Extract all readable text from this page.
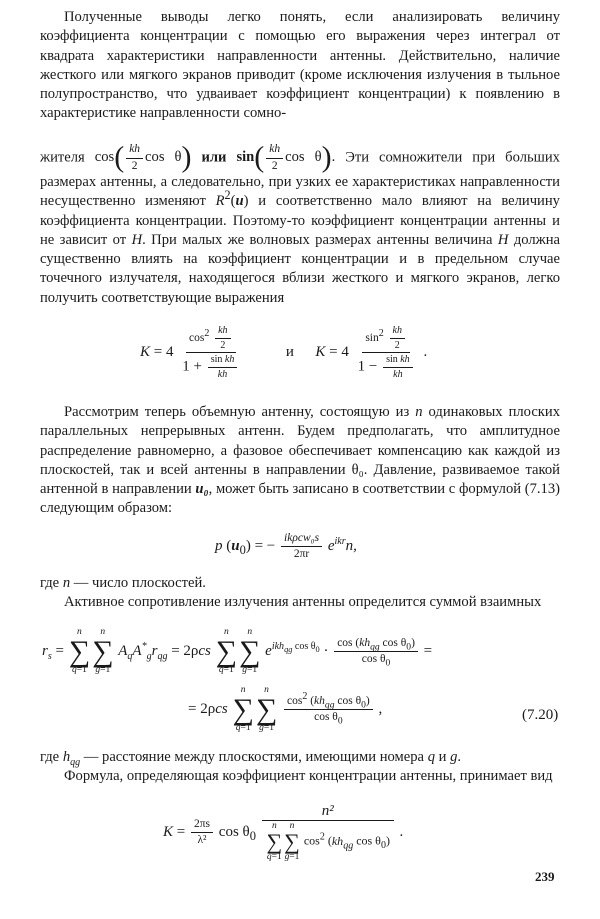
Полученные выводы легко понять, если анализировать величину коэффициента концентрации с помощью его выражения через интеграл от квадрата характеристики направленности антенны. Действительно, наличие жесткого или мягкого экранов приводит (кроме исключения излучения в тыльное полупространство, что удваивает коэффициент концентрации) к появлению в характеристике направленности сомно-

жителя $\cos( \frac{kh}{2}$ cos θ) или $\sin( \frac{kh}{2}$ cos θ). Эти сомножители при больших размерах антенны, а следовательно, при узких ее характеристиках направленности несущественно изменяют $R^2(u)$ и соответственно мало влияют на величину коэффициента концентрации. Поэтому-то коэффициент концентрации антенны и не зависит от H. При малых же волновых размерах антенны величина H должна существенно влиять на коэффициент концентрации и в предельном случае точечного излучателя, находящегося вблизи жесткого и мягкого экранов, легко получить соответствующие выражения

$K = 4 \frac{\cos^2 \frac{kh}{2}}{1 + \frac{\text{sin kh}}{kh}}$	и $K = 4 \frac{\sin^2 \frac{kh}{2}}{1 - \frac{\text{sin kh}}{kh}}$ .

Рассмотрим теперь объемную антенну, состоящую из n одинаковых плоских параллельных непрерывных антенн. Будем предполагать, что амплитудное распределение равномерно, а фазовое обеспечивает компенсацию как каждой из плоскостей, так и всей антенны в направлении θ₀. Давление, развиваемое такой антенной в направлении u₀, может быть записано в соответствии с формулой (7.13) следующим образом:

p $(u_0)$ = − $\frac{\text{ikρcw₀s}}{2\pi r} e^{ikr}n$,

где n — число плоскостей.

Активное сопротивление излучения антенны определится суммой взаимных

$r_s$ =
n
∑
q=1
n
∑
g=1
$A_qA^*_gr_{qg} = 2\rho cs$
n
∑
q=1
n
∑
g=1
$e^{ikh_{qg} cos \theta_0} \cdot \frac{\cos (kh_{qg} \cos \theta_0)}{\cos \theta_0}$ =
= 2ρcs
n
∑
q=1
n
∑
g=1

$\frac{\cos^2 (kh_{qg} \cos \theta_0)}{\cos \theta_0}$ ,	(7.20)

где $h_{qg}$ — расстояние между плоскостями, имеющими номера q и g.

Формула, определяющая коэффициент концентрации антенны, принимает вид

$K = \frac{2\pi s}{\text{λ²}}$ $\cos \theta_0$ n²
n
∑
q=1
n
∑
g=1
$\cos^2 (kh_{qg}$ $\cos \theta_0$) .
239
